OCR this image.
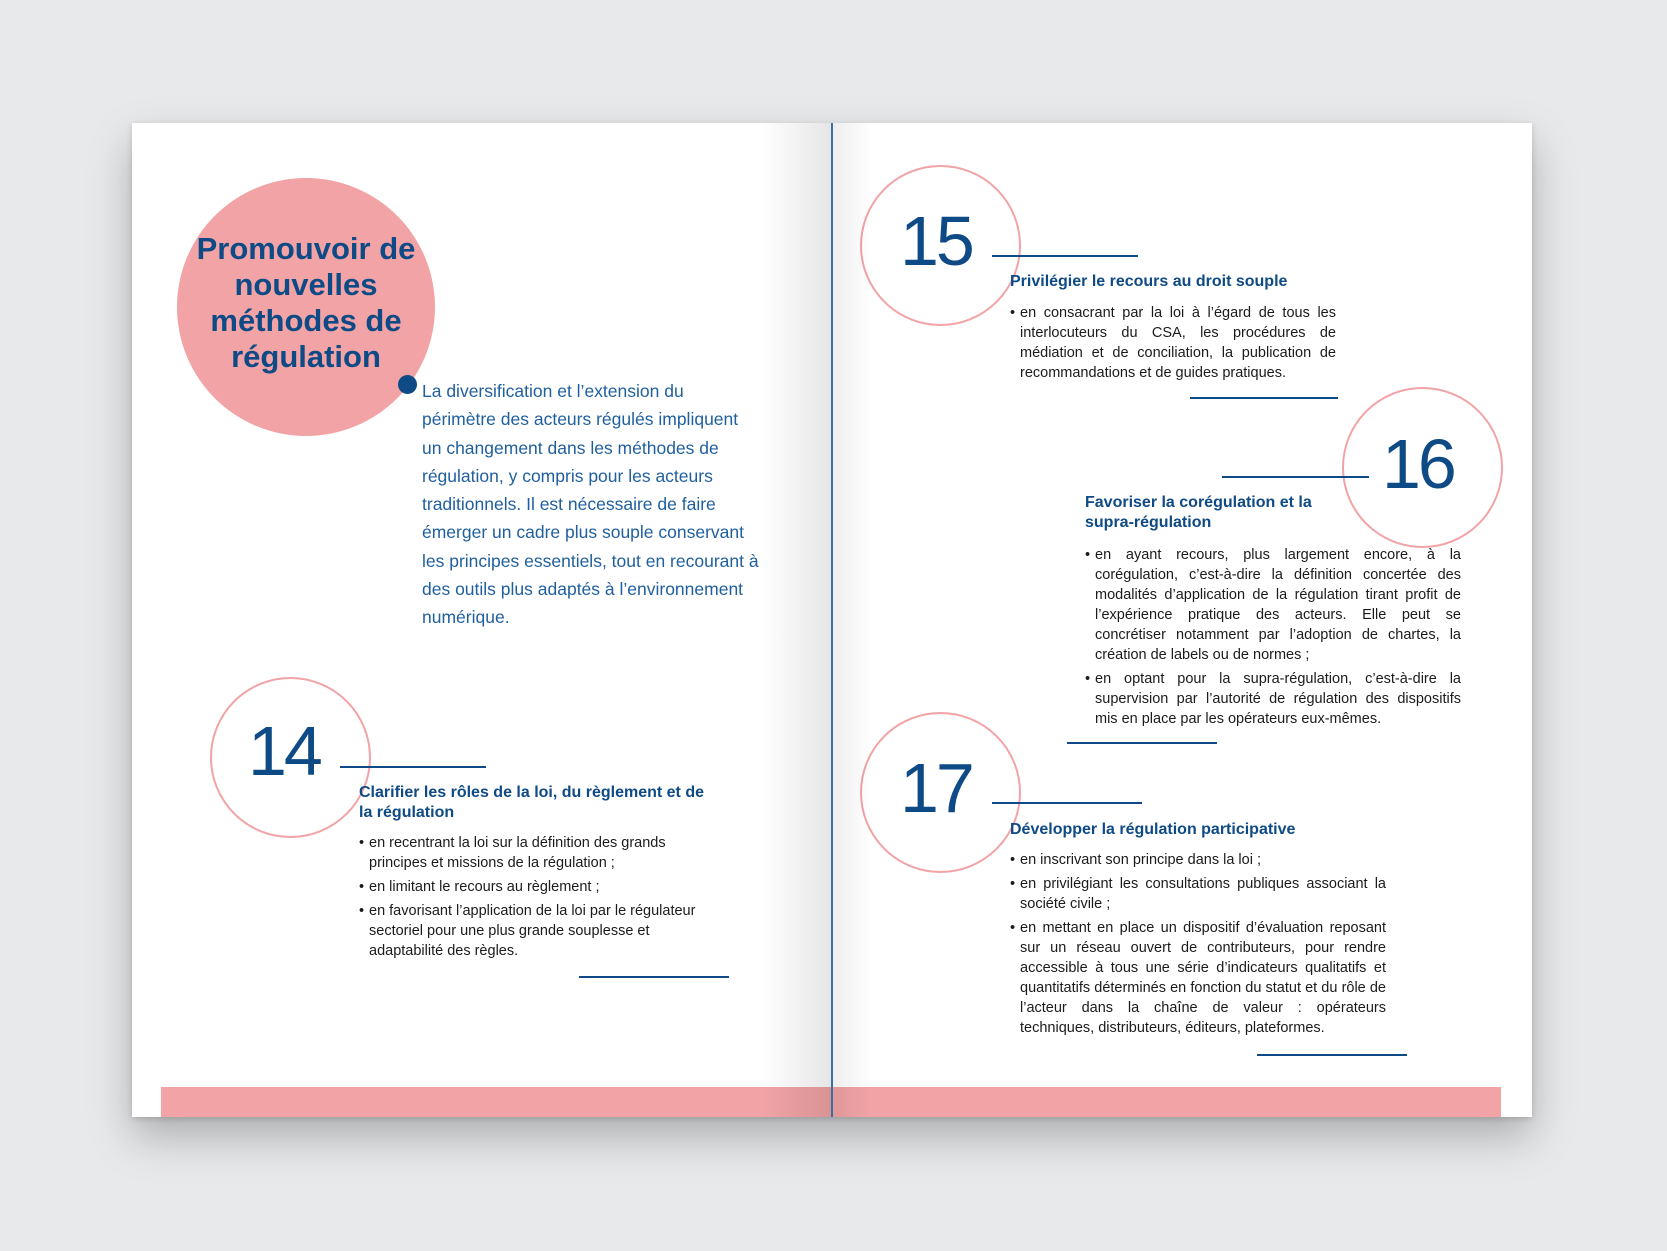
Promouvoir de nouvelles méthodes de régulation

La diversification et l’extension du périmètre des acteurs régulés impliquent un changement dans les méthodes de régulation, y compris pour les acteurs traditionnels. Il est nécessaire de faire émerger un cadre plus souple conservant les principes essentiels, tout en recourant à des outils plus adaptés à l’environnement numérique.

14
Clarifier les rôles de la loi, du règlement et de la régulation
• en recentrant la loi sur la définition des grands principes et missions de la régulation ;
• en limitant le recours au règlement ;
• en favorisant l’application de la loi par le régulateur sectoriel pour une plus grande souplesse et adaptabilité des règles.
15
Privilégier le recours au droit souple
• en consacrant par la loi à l’égard de tous les interlocuteurs du CSA, les procédures de médiation et de conciliation, la publication de recommandations et de guides pratiques.
16
Favoriser la corégulation et la supra-régulation
• en ayant recours, plus largement encore, à la corégulation, c’est-à-dire la définition concertée des modalités d’application de la régulation tirant profit de l’expérience pratique des acteurs. Elle peut se concrétiser notamment par l’adoption de chartes, la création de labels ou de normes ;
• en optant pour la supra-régulation, c’est-à-dire la supervision par l’autorité de régulation des dispositifs mis en place par les opérateurs eux-mêmes.
17
Développer la régulation participative
• en inscrivant son principe dans la loi ;
• en privilégiant les consultations publiques associant la société civile ;
• en mettant en place un dispositif d’évaluation reposant sur un réseau ouvert de contributeurs, pour rendre accessible à tous une série d’indicateurs qualitatifs et quantitatifs déterminés en fonction du statut et du rôle de l’acteur dans la chaîne de valeur : opérateurs techniques, distributeurs, éditeurs, plateformes.
